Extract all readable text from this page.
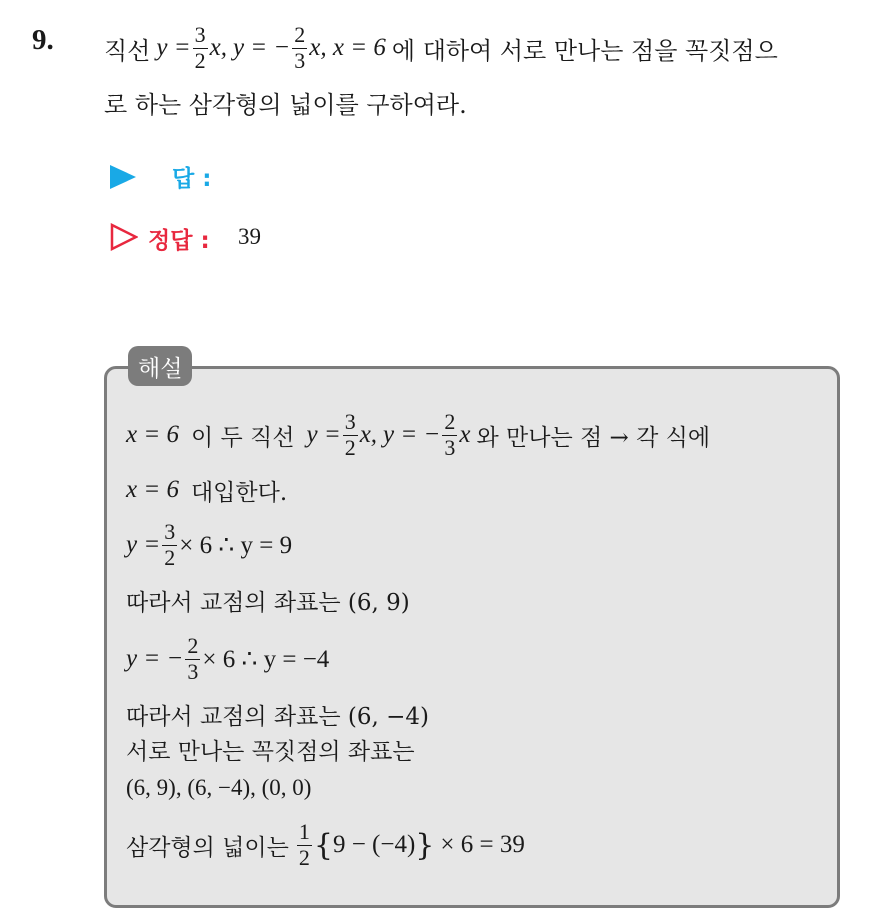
9. 직선 $y = \frac{3}{2} x$, y = − $\frac{2}{3}$ x , x = 6 에 대하여 서로 만나는 점을 꼭짓점으
로 하는 삼각형의 넓이를 구하여라.
답 :
정답 : 39
해설
x = 6 이 두 직선 $y = \frac{3}{2} x$, y = − $\frac{2}{3}$ x 와 만나는 점 → 각 식에
x = 6 대입한다.
$y = \frac{3}{2} \times 6$ ∴ y = 9
따라서 교점의 좌표는 (6, 9)
y = − $\frac{2}{3} \times 6$ ∴ y = −4
따라서 교점의 좌표는 (6, −4)
서로 만나는 꼭짓점의 좌표는
(6, 9), (6, −4), (0, 0)
삼각형의 넓이는 $\frac{1}{2}$ { 9 − (−4) } × 6 = 39
